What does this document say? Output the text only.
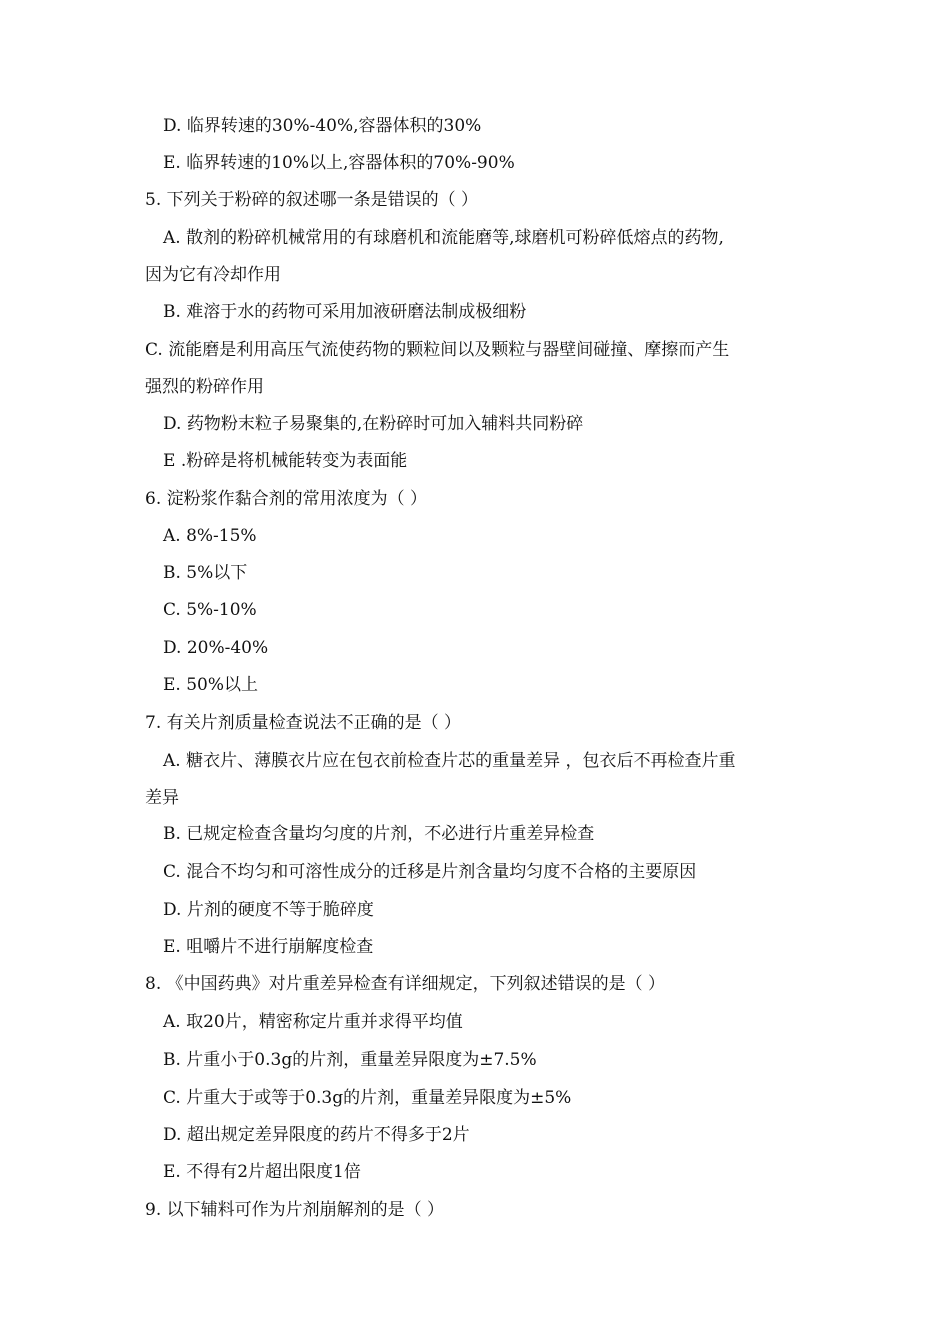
D. 临界转速的30%-40%,容器体积的30%
E. 临界转速的10%以上,容器体积的70%-90%
5. 下列关于粉碎的叙述哪一条是错误的（ ）
A. 散剂的粉碎机械常用的有球磨机和流能磨等,球磨机可粉碎低熔点的药物,
因为它有冷却作用
B. 难溶于水的药物可采用加液研磨法制成极细粉
C. 流能磨是利用高压气流使药物的颗粒间以及颗粒与器壁间碰撞、摩擦而产生
强烈的粉碎作用
D. 药物粉末粒子易聚集的,在粉碎时可加入辅料共同粉碎
E .粉碎是将机械能转变为表面能
6. 淀粉浆作黏合剂的常用浓度为（ ）
A. 8%-15%
B. 5%以下
C. 5%-10%
D. 20%-40%
E. 50%以上
7. 有关片剂质量检查说法不正确的是（ ）
A. 糖衣片、薄膜衣片应在包衣前检查片芯的重量差异 ，包衣后不再检查片重
差异
B. 已规定检查含量均匀度的片剂，不必进行片重差异检查
C. 混合不均匀和可溶性成分的迁移是片剂含量均匀度不合格的主要原因
D. 片剂的硬度不等于脆碎度
E. 咀嚼片不进行崩解度检查
8. 《中国药典》对片重差异检查有详细规定，下列叙述错误的是（ ）
A. 取20片，精密称定片重并求得平均值
B. 片重小于0.3g的片剂，重量差异限度为±7.5%
C. 片重大于或等于0.3g的片剂，重量差异限度为±5%
D. 超出规定差异限度的药片不得多于2片
E. 不得有2片超出限度1倍
9. 以下辅料可作为片剂崩解剂的是（ ）
